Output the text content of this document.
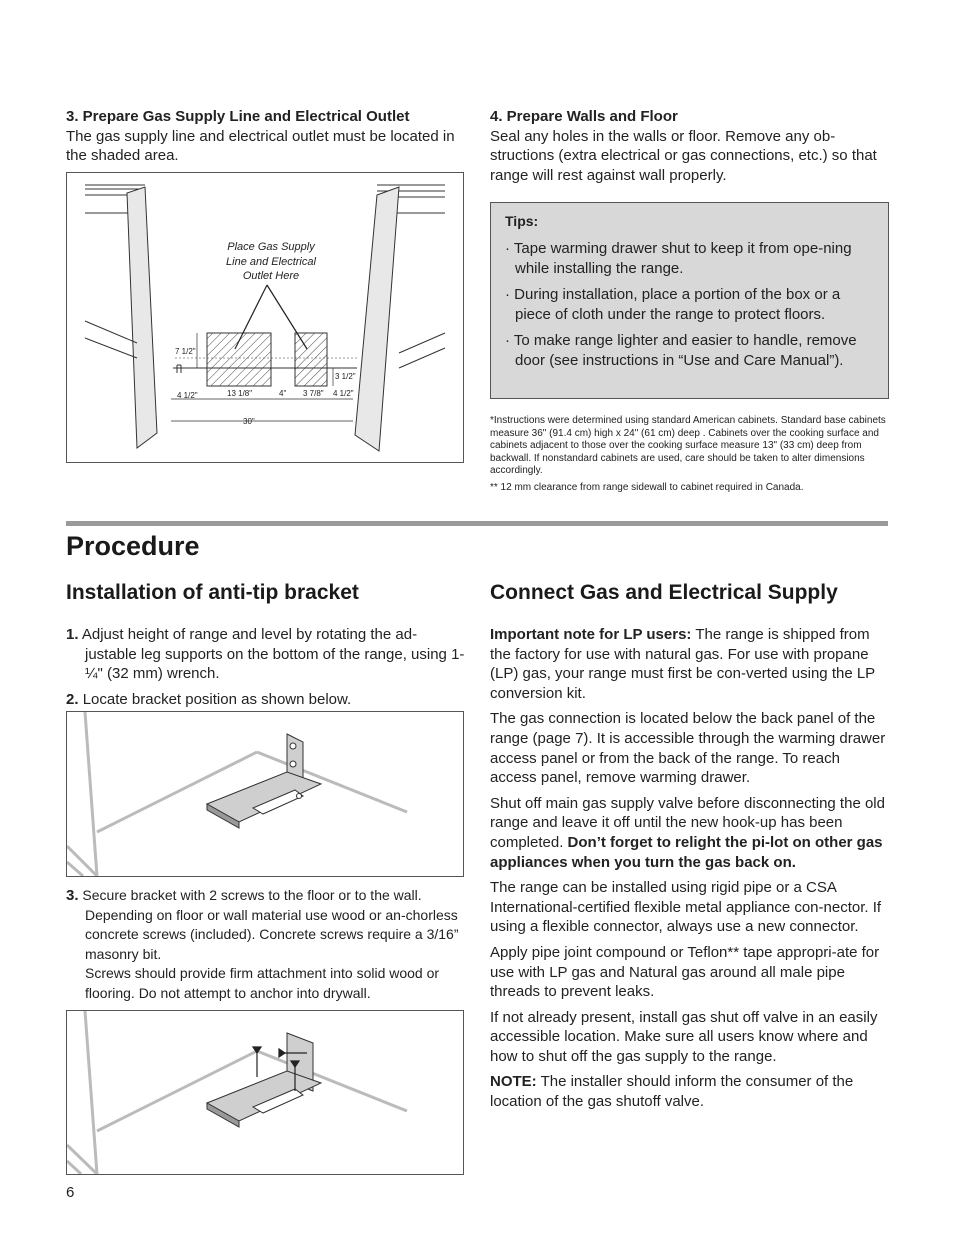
3. Prepare Gas Supply Line and Electrical Outlet

The gas supply line and electrical outlet must be located in the shaded area.

Place Gas Supply
Line and Electrical
Outlet Here
7 1/2"
3 1/2"
4 1/2"	13 1/8"	4" 3 7/8" 4 1/2"
30"
4. Prepare Walls and Floor

Seal any holes in the walls or floor. Remove any ob-structions (extra electrical or gas connections, etc.) so that range will rest against wall properly.

Tips:
· Tape warming drawer shut to keep it from ope-ning while installing the range.
· During installation, place a portion of the box or a piece of cloth under the range to protect floors.
· To make range lighter and easier to handle, remove door (see instructions in “Use and Care Manual”).
*Instructions were determined using standard American cabinets. Standard base cabinets measure 36" (91.4 cm) high x 24" (61 cm) deep . Cabinets over the cooking surface and cabinets adjacent to those over the cooking surface measure 13" (33 cm) deep from backwall. If nonstandard cabinets are used, care should be taken to alter dimensions accordingly.
** 12 mm clearance from range sidewall to cabinet required in Canada.
Procedure
Installation of anti-tip bracket

1. Adjust height of range and level by rotating the ad-justable leg supports on the bottom of the range, using 1-¼" (32 mm) wrench.

2. Locate bracket position as shown below.

3. Secure bracket with 2 screws to the floor or to the wall. Depending on floor or wall material use wood or an-chorless concrete screws (included). Concrete screws require a 3/16” masonry bit.

Screws should provide firm attachment into solid wood or flooring. Do not attempt to anchor into drywall.

6
Connect Gas and Electrical Supply

Important note for LP users: The range is shipped from the factory for use with natural gas. For use with propane (LP) gas, your range must first be con-verted using the LP conversion kit.

The gas connection is located below the back panel of the range (page 7). It is accessible through the warming drawer access panel or from the back of the range. To reach access panel, remove warming drawer.

Shut off main gas supply valve before disconnecting the old range and leave it off until the new hook-up has been completed. Don’t forget to relight the pi-lot on other gas appliances when you turn the gas back on.

The range can be installed using rigid pipe or a CSA International-certified flexible metal appliance con-nector. If using a flexible connector, always use a new connector.

Apply pipe joint compound or Teflon** tape appropri-ate for use with LP gas and Natural gas around all male pipe threads to prevent leaks.

If not already present, install gas shut off valve in an easily accessible location. Make sure all users know where and how to shut off the gas supply to the range.

NOTE: The installer should inform the consumer of the location of the gas shutoff valve.
